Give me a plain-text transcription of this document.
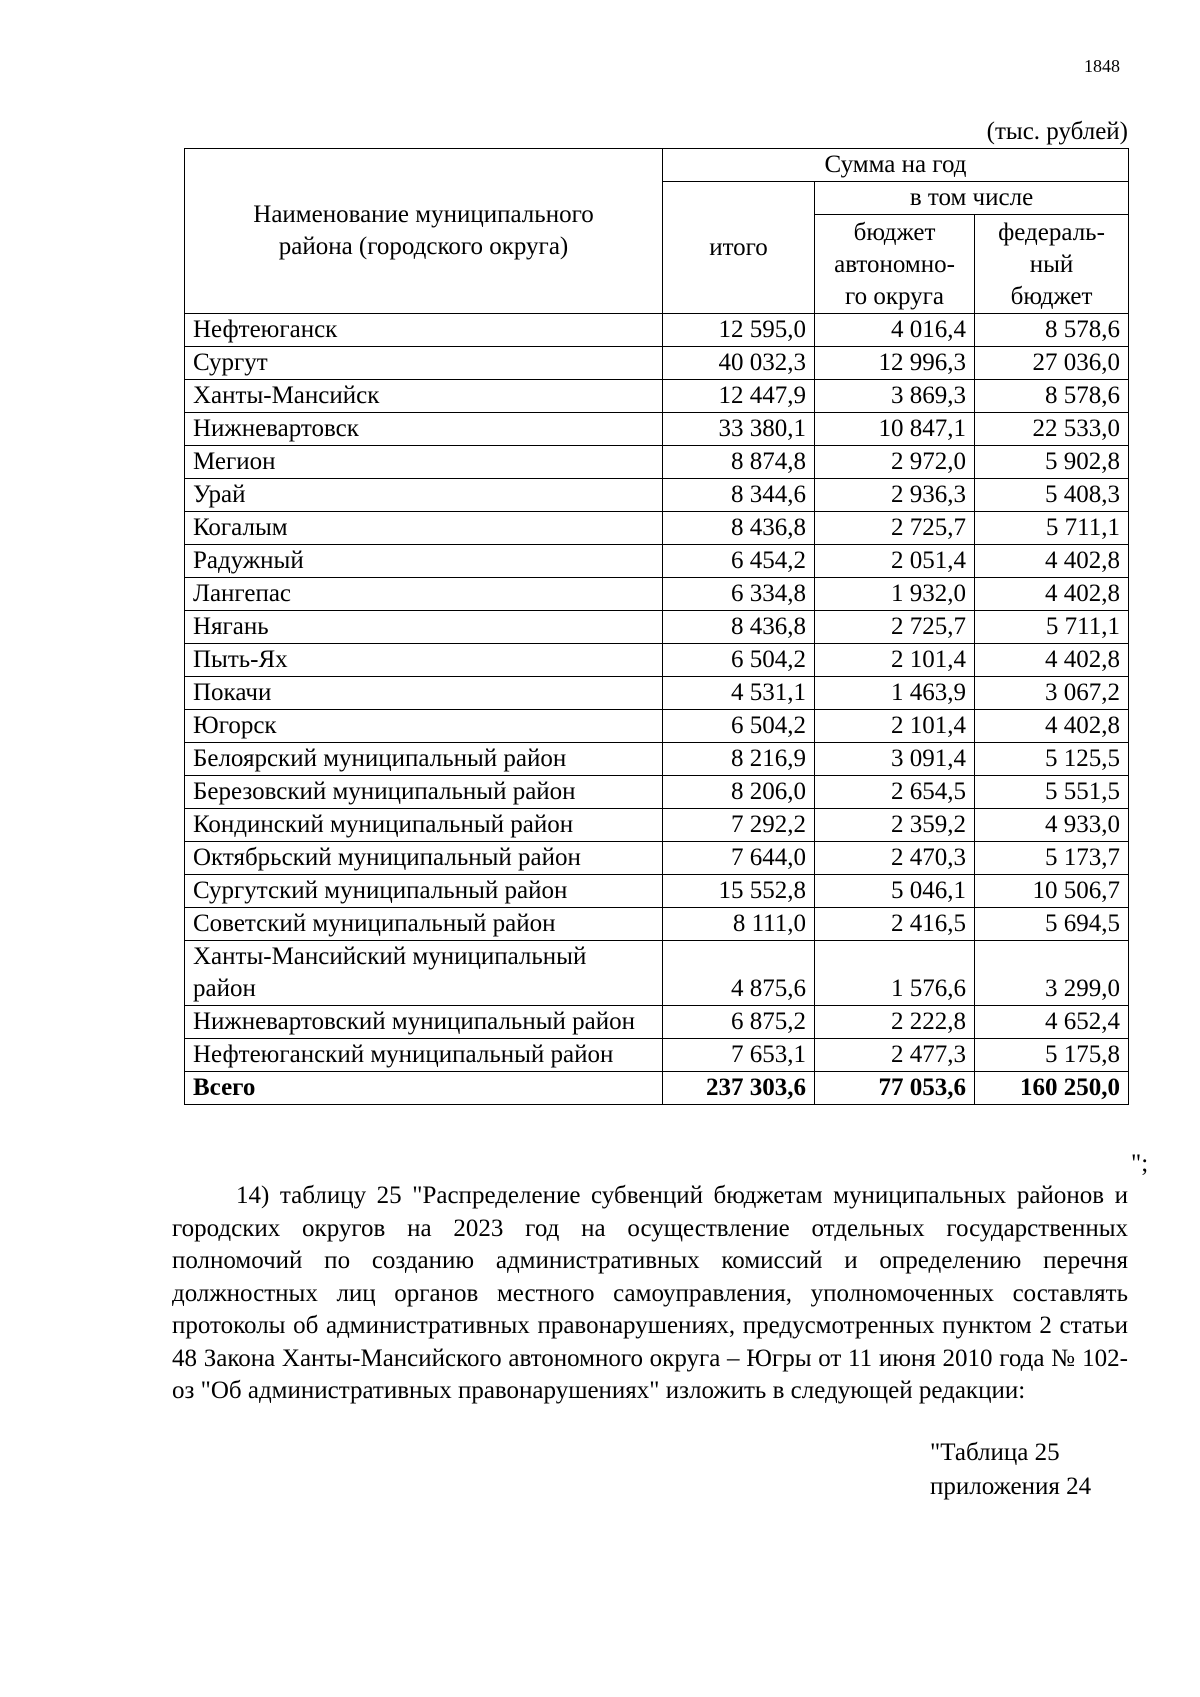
1848
(тыс. рублей)
Наименование муниципального района (городского округа)	Сумма на год		
	итого	в том числе	
		бюджет автономно-го округа	федераль-ный бюджет
Нефтеюганск	12 595,0	4 016,4	8 578,6
Сургут	40 032,3	12 996,3	27 036,0
Ханты-Мансийск	12 447,9	3 869,3	8 578,6
Нижневартовск	33 380,1	10 847,1	22 533,0
Мегион	8 874,8	2 972,0	5 902,8
Урай	8 344,6	2 936,3	5 408,3
Когалым	8 436,8	2 725,7	5 711,1
Радужный	6 454,2	2 051,4	4 402,8
Лангепас	6 334,8	1 932,0	4 402,8
Нягань	8 436,8	2 725,7	5 711,1
Пыть-Ях	6 504,2	2 101,4	4 402,8
Покачи	4 531,1	1 463,9	3 067,2
Югорск	6 504,2	2 101,4	4 402,8
Белоярский муниципальный район	8 216,9	3 091,4	5 125,5
Березовский муниципальный район	8 206,0	2 654,5	5 551,5
Кондинский муниципальный район	7 292,2	2 359,2	4 933,0
Октябрьский муниципальный район	7 644,0	2 470,3	5 173,7
Сургутский муниципальный район	15 552,8	5 046,1	10 506,7
Советский муниципальный район	8 111,0	2 416,5	5 694,5
Ханты-Мансийский муниципальный район	4 875,6	1 576,6	3 299,0
Нижневартовский муниципальный район	6 875,2	2 222,8	4 652,4
Нефтеюганский муниципальный район	7 653,1	2 477,3	5 175,8
Всего	237 303,6	77 053,6	160 250,0
";

14) таблицу 25 "Распределение субвенций бюджетам муниципальных районов и городских округов на 2023 год на осуществление отдельных государственных полномочий по созданию административных комиссий и определению перечня должностных лиц органов местного самоуправления, уполномоченных составлять протоколы об административных правонарушениях, предусмотренных пунктом 2 статьи 48 Закона Ханты-Мансийского автономного округа – Югры от 11 июня 2010 года № 102-оз "Об административных правонарушениях" изложить в следующей редакции:

"Таблица 25
приложения 24
